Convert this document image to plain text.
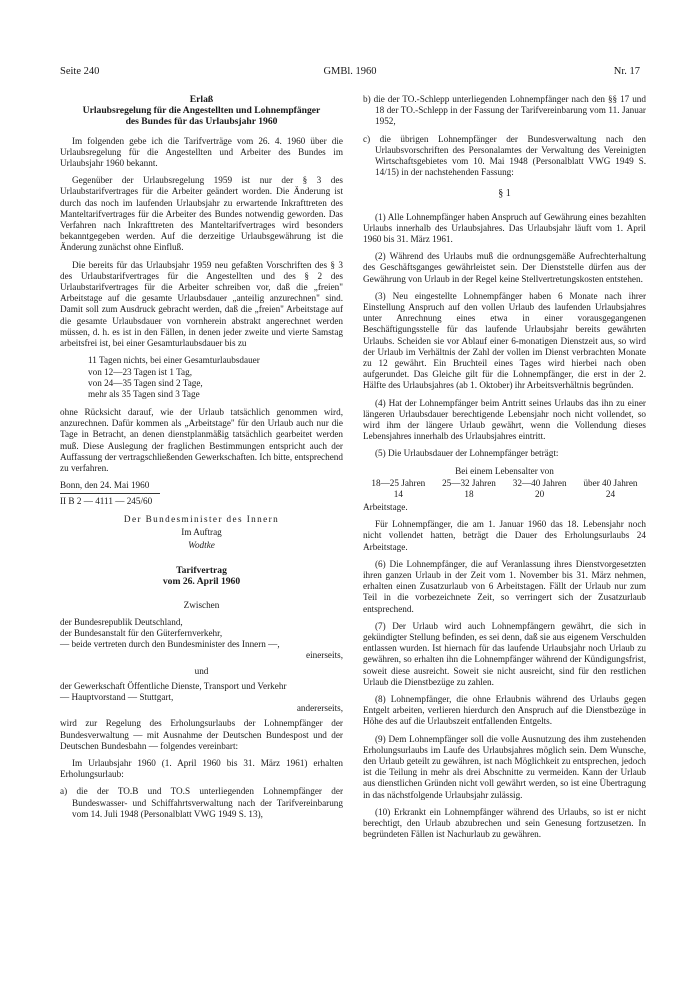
Seite 240	GMBl. 1960	Nr. 17
Erlaß
Urlaubsregelung für die Angestellten und Lohnempfänger
des Bundes für das Urlaubsjahr 1960

Im folgenden gebe ich die Tarifverträge vom 26. 4. 1960 über die Urlaubsregelung für die Angestellten und Arbeiter des Bundes im Urlaubsjahr 1960 bekannt.

Gegenüber der Urlaubsregelung 1959 ist nur der § 3 des Urlaubstarifvertrages für die Arbeiter geändert worden. Die Änderung ist durch das noch im laufenden Urlaubsjahr zu erwartende Inkrafttreten des Manteltarifvertrages für die Arbeiter des Bundes notwendig geworden. Das Verfahren nach Inkrafttreten des Manteltarifvertrages wird besonders bekanntgegeben werden. Auf die derzeitige Urlaubsgewährung ist die Änderung zunächst ohne Einfluß.

Die bereits für das Urlaubsjahr 1959 neu gefaßten Vorschriften des § 3 des Urlaubstarifvertrages für die Angestellten und des § 2 des Urlaubstarifvertrages für die Arbeiter schreiben vor, daß die „freien" Arbeitstage auf die gesamte Urlaubsdauer „anteilig anzurechnen" sind. Damit soll zum Ausdruck gebracht werden, daß die „freien" Arbeitstage auf die gesamte Urlaubsdauer von vornherein abstrakt angerechnet werden müssen, d. h. es ist in den Fällen, in denen jeder zweite und vierte Samstag arbeitsfrei ist, bei einer Gesamturlaubsdauer bis zu

11 Tagen nichts, bei einer Gesamturlaubsdauer
von 12—23 Tagen ist 1 Tag,
von 24—35 Tagen sind 2 Tage,
mehr als 35 Tagen sind 3 Tage

ohne Rücksicht darauf, wie der Urlaub tatsächlich genommen wird, anzurechnen. Dafür kommen als „Arbeitstage" für den Urlaub auch nur die Tage in Betracht, an denen dienstplanmäßig tatsächlich gearbeitet werden muß. Diese Auslegung der fraglichen Bestimmungen entspricht auch der Auffassung der vertragschließenden Gewerkschaften. Ich bitte, entsprechend zu verfahren.

Bonn, den 24. Mai 1960

II B 2 — 4111 — 245/60

Der Bundesminister des Innern

Im Auftrag

Wodtke

Tarifvertrag
vom 26. April 1960

Zwischen

der Bundesrepublik Deutschland,
der Bundesanstalt für den Güterfernverkehr,
— beide vertreten durch den Bundesminister des Innern —,

einerseits,

und

der Gewerkschaft Öffentliche Dienste, Transport und Verkehr
— Hauptvorstand — Stuttgart,

andererseits,

wird zur Regelung des Erholungsurlaubs der Lohnempfänger der Bundesverwaltung — mit Ausnahme der Deutschen Bundespost und der Deutschen Bundesbahn — folgendes vereinbart:

Im Urlaubsjahr 1960 (1. April 1960 bis 31. März 1961) erhalten Erholungsurlaub:

a) die der TO.B und TO.S unterliegenden Lohnempfänger der Bundeswasser- und Schiffahrtsverwaltung nach der Tarifvereinbarung vom 14. Juli 1948 (Personalblatt VWG 1949 S. 13),

b) die der TO.-Schlepp unterliegenden Lohnempfänger nach den §§ 17 und 18 der TO.-Schlepp in der Fassung der Tarifvereinbarung vom 11. Januar 1952,

c) die übrigen Lohnempfänger der Bundesverwaltung nach den Urlaubsvorschriften des Personalamtes der Verwaltung des Vereinigten Wirtschaftsgebietes vom 10. Mai 1948 (Personalblatt VWG 1949 S. 14/15) in der nachstehenden Fassung:

§ 1

(1) Alle Lohnempfänger haben Anspruch auf Gewährung eines bezahlten Urlaubs innerhalb des Urlaubsjahres. Das Urlaubsjahr läuft vom 1. April 1960 bis 31. März 1961.

(2) Während des Urlaubs muß die ordnungsgemäße Aufrechterhaltung des Geschäftsganges gewährleistet sein. Der Dienststelle dürfen aus der Gewährung von Urlaub in der Regel keine Stellvertretungskosten entstehen.

(3) Neu eingestellte Lohnempfänger haben 6 Monate nach ihrer Einstellung Anspruch auf den vollen Urlaub des laufenden Urlaubsjahres unter Anrechnung eines etwa in einer vorausgegangenen Beschäftigungsstelle für das laufende Urlaubsjahr bereits gewährten Urlaubs. Scheiden sie vor Ablauf einer 6-monatigen Dienstzeit aus, so wird der Urlaub im Verhältnis der Zahl der vollen im Dienst verbrachten Monate zu 12 gewährt. Ein Bruchteil eines Tages wird hierbei nach oben aufgerundet. Das Gleiche gilt für die Lohnempfänger, die erst in der 2. Hälfte des Urlaubsjahres (ab 1. Oktober) ihr Arbeitsverhältnis begründen.

(4) Hat der Lohnempfänger beim Antritt seines Urlaubs das ihn zu einer längeren Urlaubsdauer berechtigende Lebensjahr noch nicht vollendet, so wird ihm der längere Urlaub gewährt, wenn die Vollendung dieses Lebensjahres innerhalb des Urlaubsjahres eintritt.

(5) Die Urlaubsdauer der Lohnempfänger beträgt:

Bei einem Lebensalter von
18—25 Jahren	25—32 Jahren	32—40 Jahren	über 40 Jahren
14	18	20	24

Arbeitstage.

Für Lohnempfänger, die am 1. Januar 1960 das 18. Lebensjahr noch nicht vollendet hatten, beträgt die Dauer des Erholungsurlaubs 24 Arbeitstage.

(6) Die Lohnempfänger, die auf Veranlassung ihres Dienstvorgesetzten ihren ganzen Urlaub in der Zeit vom 1. November bis 31. März nehmen, erhalten einen Zusatzurlaub von 6 Arbeitstagen. Fällt der Urlaub nur zum Teil in die vorbezeichnete Zeit, so verringert sich der Zusatzurlaub entsprechend.

(7) Der Urlaub wird auch Lohnempfängern gewährt, die sich in gekündigter Stellung befinden, es sei denn, daß sie aus eigenem Verschulden entlassen wurden. Ist hiernach für das laufende Urlaubsjahr noch Urlaub zu gewähren, so erhalten ihn die Lohnempfänger während der Kündigungsfrist, soweit diese ausreicht. Soweit sie nicht ausreicht, sind für den restlichen Urlaub die Dienstbezüge zu zahlen.

(8) Lohnempfänger, die ohne Erlaubnis während des Urlaubs gegen Entgelt arbeiten, verlieren hierdurch den Anspruch auf die Dienstbezüge in Höhe des auf die Urlaubszeit entfallenden Entgelts.

(9) Dem Lohnempfänger soll die volle Ausnutzung des ihm zustehenden Erholungsurlaubs im Laufe des Urlaubsjahres möglich sein. Dem Wunsche, den Urlaub geteilt zu gewähren, ist nach Möglichkeit zu entsprechen, jedoch ist die Teilung in mehr als drei Abschnitte zu vermeiden. Kann der Urlaub aus dienstlichen Gründen nicht voll gewährt werden, so ist eine Übertragung in das nächstfolgende Urlaubsjahr zulässig.

(10) Erkrankt ein Lohnempfänger während des Urlaubs, so ist er nicht berechtigt, den Urlaub abzubrechen und sein Genesung fortzusetzen. In begründeten Fällen ist Nachurlaub zu gewähren.
